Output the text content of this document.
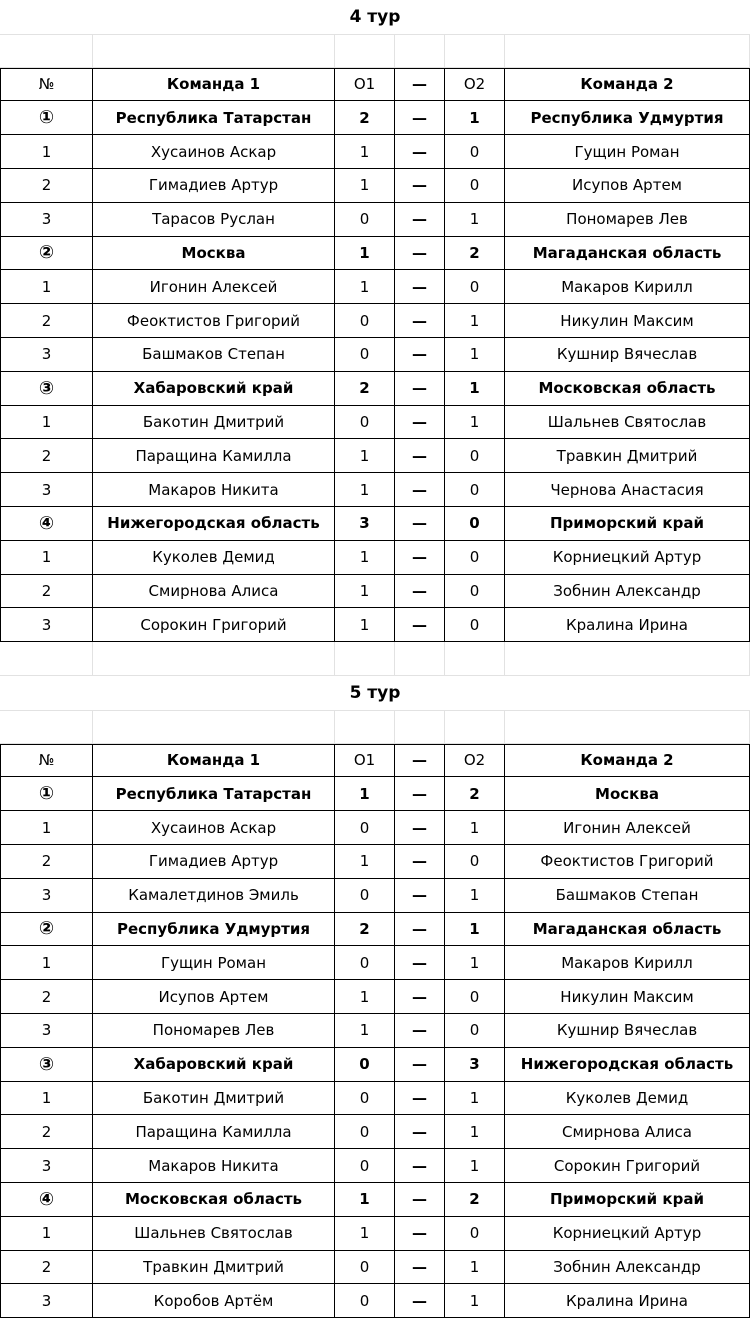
4 тур
№	Команда 1	O1	—	O2	Команда 2
①	Республика Татарстан	2	—	1	Республика Удмуртия
1	Хусаинов Аскар	1	—	0	Гущин Роман
2	Гимадиев Артур	1	—	0	Исупов Артем
3	Тарасов Руслан	0	—	1	Пономарев Лев
②	Москва	1	—	2	Магаданская область
1	Игонин Алексей	1	—	0	Макаров Кирилл
2	Феоктистов Григорий	0	—	1	Никулин Максим
3	Башмаков Степан	0	—	1	Кушнир Вячеслав
③	Хабаровский край	2	—	1	Московская область
1	Бакотин Дмитрий	0	—	1	Шальнев Святослав
2	Паращина Камилла	1	—	0	Травкин Дмитрий
3	Макаров Никита	1	—	0	Чернова Анастасия
④	Нижегородская область	3	—	0	Приморский край
1	Куколев Демид	1	—	0	Корниецкий Артур
2	Смирнова Алиса	1	—	0	Зобнин Александр
3	Сорокин Григорий	1	—	0	Кралина Ирина
5 тур
№	Команда 1	O1	—	O2	Команда 2
①	Республика Татарстан	1	—	2	Москва
1	Хусаинов Аскар	0	—	1	Игонин Алексей
2	Гимадиев Артур	1	—	0	Феоктистов Григорий
3	Камалетдинов Эмиль	0	—	1	Башмаков Степан
②	Республика Удмуртия	2	—	1	Магаданская область
1	Гущин Роман	0	—	1	Макаров Кирилл
2	Исупов Артем	1	—	0	Никулин Максим
3	Пономарев Лев	1	—	0	Кушнир Вячеслав
③	Хабаровский край	0	—	3	Нижегородская область
1	Бакотин Дмитрий	0	—	1	Куколев Демид
2	Паращина Камилла	0	—	1	Смирнова Алиса
3	Макаров Никита	0	—	1	Сорокин Григорий
④	Московская область	1	—	2	Приморский край
1	Шальнев Святослав	1	—	0	Корниецкий Артур
2	Травкин Дмитрий	0	—	1	Зобнин Александр
3	Коробов Артём	0	—	1	Кралина Ирина
